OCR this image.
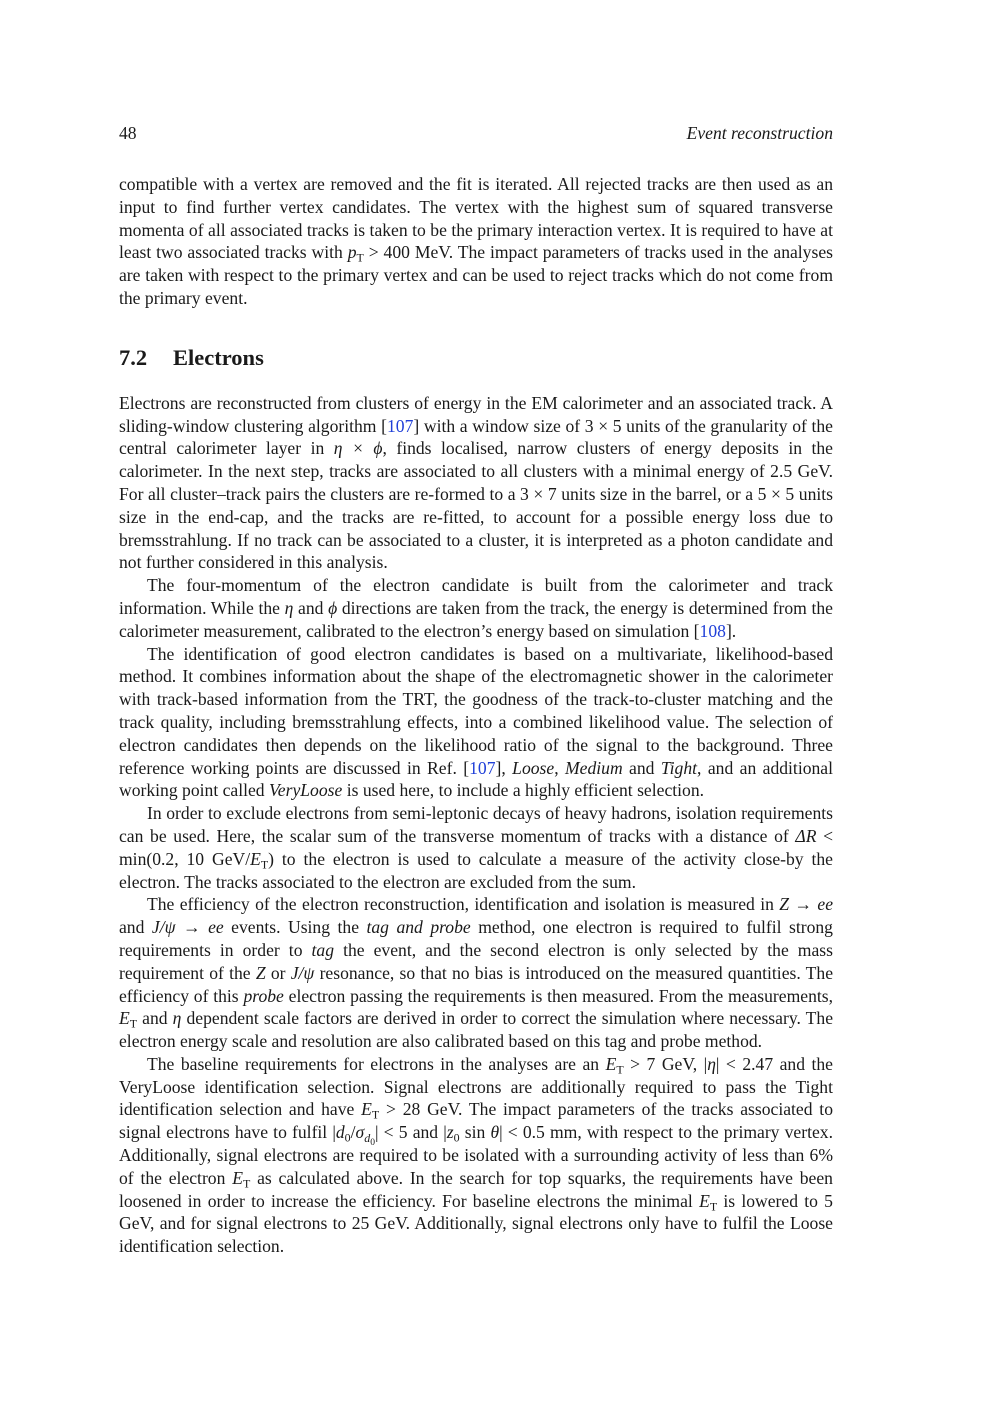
48	Event reconstruction

compatible with a vertex are removed and the fit is iterated. All rejected tracks are then used as an input to find further vertex candidates. The vertex with the highest sum of squared transverse momenta of all associated tracks is taken to be the primary interaction vertex. It is required to have at least two associated tracks with $p_T > 400$ MeV. The impact parameters of tracks used in the analyses are taken with respect to the primary vertex and can be used to reject tracks which do not come from the primary event.

7.2 Electrons

Electrons are reconstructed from clusters of energy in the EM calorimeter and an associated track. A sliding-window clustering algorithm [107] with a window size of 3 × 5 units of the granularity of the central calorimeter layer in η × ϕ, finds localised, narrow clusters of energy deposits in the calorimeter. In the next step, tracks are associated to all clusters with a minimal energy of 2.5 GeV. For all cluster–track pairs the clusters are re-formed to a 3 × 7 units size in the barrel, or a 5 × 5 units size in the end-cap, and the tracks are re-fitted, to account for a possible energy loss due to bremsstrahlung. If no track can be associated to a cluster, it is interpreted as a photon candidate and not further considered in this analysis.

The four-momentum of the electron candidate is built from the calorimeter and track information. While the η and ϕ directions are taken from the track, the energy is determined from the calorimeter measurement, calibrated to the electron’s energy based on simulation [108].

The identification of good electron candidates is based on a multivariate, likelihood-based method. It combines information about the shape of the electromagnetic shower in the calorimeter with track-based information from the TRT, the goodness of the track-to-cluster matching and the track quality, including bremsstrahlung effects, into a combined likelihood value. The selection of electron candidates then depends on the likelihood ratio of the signal to the background. Three reference working points are discussed in Ref. [107], Loose, Medium and Tight, and an additional working point called VeryLoose is used here, to include a highly efficient selection.

In order to exclude electrons from semi-leptonic decays of heavy hadrons, isolation requirements can be used. Here, the scalar sum of the transverse momentum of tracks with a distance of ΔR < min(0.2, 10 GeV/$E_T$) to the electron is used to calculate a measure of the activity close-by the electron. The tracks associated to the electron are excluded from the sum.

The efficiency of the electron reconstruction, identification and isolation is measured in Z → ee and J/ψ → ee events. Using the tag and probe method, one electron is required to fulfil strong requirements in order to tag the event, and the second electron is only selected by the mass requirement of the Z or J/ψ resonance, so that no bias is introduced on the measured quantities. The efficiency of this probe electron passing the requirements is then measured. From the measurements, $E_T$ and η dependent scale factors are derived in order to correct the simulation where necessary. The electron energy scale and resolution are also calibrated based on this tag and probe method.

The baseline requirements for electrons in the analyses are an $E_T > 7$ GeV, |η| < 2.47 and the VeryLoose identification selection. Signal electrons are additionally required to pass the Tight identification selection and have $E_T > 28$ GeV. The impact parameters of the tracks associated to signal electrons have to fulfil $|d_0/\sigma_{d_0}| < 5$ and $|z_0$ sin θ| < 0.5 mm, with respect to the primary vertex. Additionally, signal electrons are required to be isolated with a surrounding activity of less than 6% of the electron $E_T$ as calculated above. In the search for top squarks, the requirements have been loosened in order to increase the efficiency. For baseline electrons the minimal $E_T$ is lowered to 5 GeV, and for signal electrons to 25 GeV. Additionally, signal electrons only have to fulfil the Loose identification selection.
